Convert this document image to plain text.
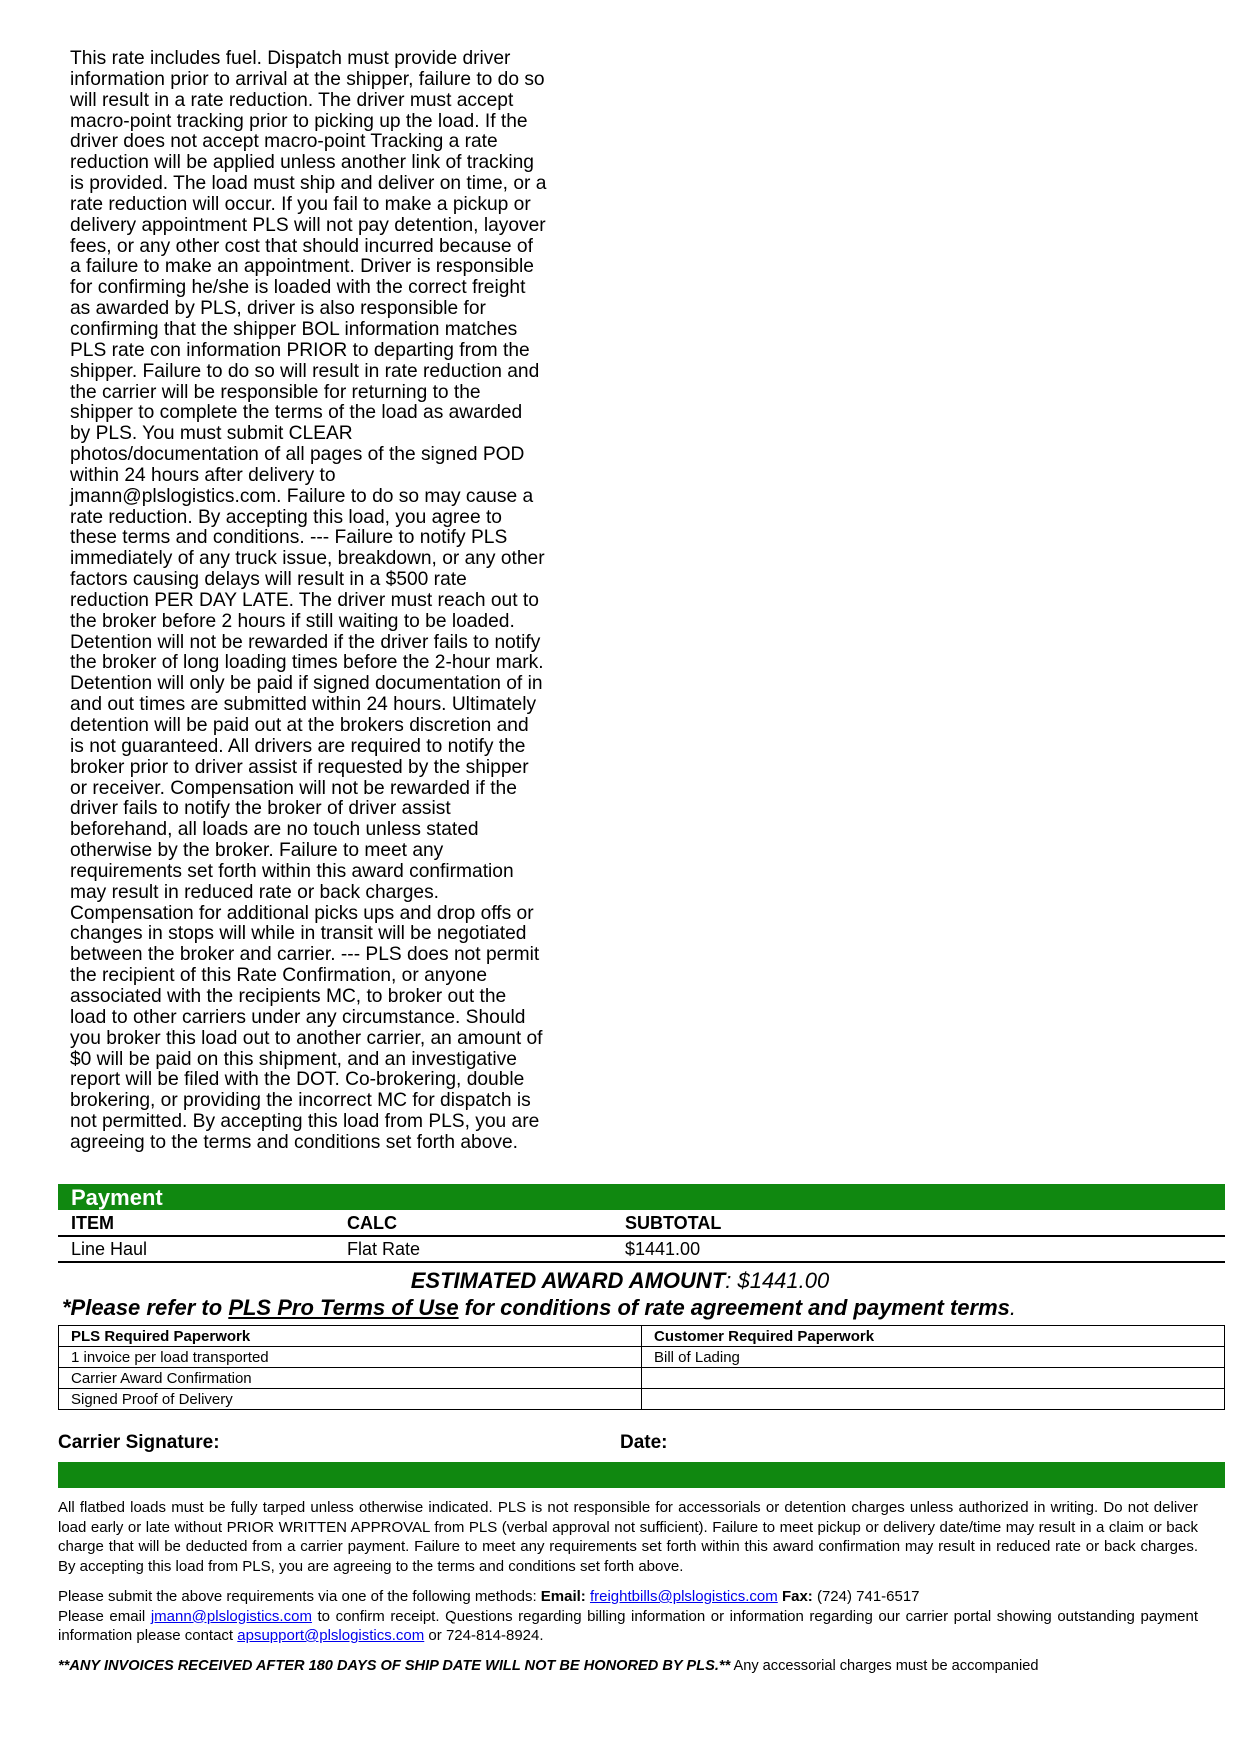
This rate includes fuel. Dispatch must provide driver
information prior to arrival at the shipper, failure to do so
will result in a rate reduction. The driver must accept
macro-point tracking prior to picking up the load. If the
driver does not accept macro-point Tracking a rate
reduction will be applied unless another link of tracking
is provided. The load must ship and deliver on time, or a
rate reduction will occur. If you fail to make a pickup or
delivery appointment PLS will not pay detention, layover
fees, or any other cost that should incurred because of
a failure to make an appointment. Driver is responsible
for confirming he/she is loaded with the correct freight
as awarded by PLS, driver is also responsible for
confirming that the shipper BOL information matches
PLS rate con information PRIOR to departing from the
shipper. Failure to do so will result in rate reduction and
the carrier will be responsible for returning to the
shipper to complete the terms of the load as awarded
by PLS. You must submit CLEAR
photos/documentation of all pages of the signed POD
within 24 hours after delivery to
jmann@plslogistics.com. Failure to do so may cause a
rate reduction. By accepting this load, you agree to
these terms and conditions. --- Failure to notify PLS
immediately of any truck issue, breakdown, or any other
factors causing delays will result in a $500 rate
reduction PER DAY LATE. The driver must reach out to
the broker before 2 hours if still waiting to be loaded.
Detention will not be rewarded if the driver fails to notify
the broker of long loading times before the 2-hour mark.
Detention will only be paid if signed documentation of in
and out times are submitted within 24 hours. Ultimately
detention will be paid out at the brokers discretion and
is not guaranteed. All drivers are required to notify the
broker prior to driver assist if requested by the shipper
or receiver. Compensation will not be rewarded if the
driver fails to notify the broker of driver assist
beforehand, all loads are no touch unless stated
otherwise by the broker. Failure to meet any
requirements set forth within this award confirmation
may result in reduced rate or back charges.
Compensation for additional picks ups and drop offs or
changes in stops will while in transit will be negotiated
between the broker and carrier. --- PLS does not permit
the recipient of this Rate Confirmation, or anyone
associated with the recipients MC, to broker out the
load to other carriers under any circumstance. Should
you broker this load out to another carrier, an amount of
$0 will be paid on this shipment, and an investigative
report will be filed with the DOT. Co-brokering, double
brokering, or providing the incorrect MC for dispatch is
not permitted. By accepting this load from PLS, you are
agreeing to the terms and conditions set forth above.
Payment
ITEM	CALC	SUBTOTAL
Line Haul	Flat Rate	$1441.00
ESTIMATED AWARD AMOUNT: $1441.00
*Please refer to PLS Pro Terms of Use for conditions of rate agreement and payment terms.
PLS Required Paperwork	Customer Required Paperwork
1 invoice per load transported	Bill of Lading
Carrier Award Confirmation	
Signed Proof of Delivery	
Carrier Signature:	Date:
All flatbed loads must be fully tarped unless otherwise indicated. PLS is not responsible for accessorials or detention charges unless authorized in writing. Do not deliver load early or late without PRIOR WRITTEN APPROVAL from PLS (verbal approval not sufficient). Failure to meet pickup or delivery date/time may result in a claim or back charge that will be deducted from a carrier payment. Failure to meet any requirements set forth within this award confirmation may result in reduced rate or back charges. By accepting this load from PLS, you are agreeing to the terms and conditions set forth above.
Please submit the above requirements via one of the following methods: Email: freightbills@plslogistics.com Fax: (724) 741-6517
Please email jmann@plslogistics.com to confirm receipt. Questions regarding billing information or information regarding our carrier portal showing outstanding payment information please contact apsupport@plslogistics.com or 724-814-8924.
**ANY INVOICES RECEIVED AFTER 180 DAYS OF SHIP DATE WILL NOT BE HONORED BY PLS.** Any accessorial charges must be accompanied
